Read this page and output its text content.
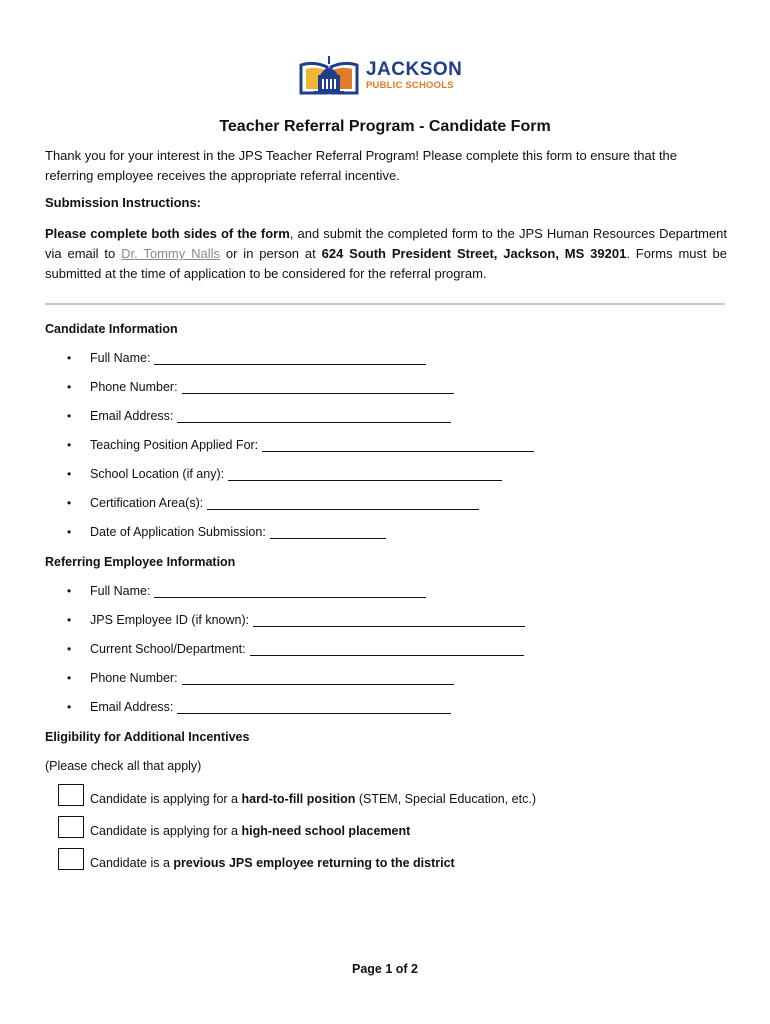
JACKSON
PUBLIC SCHOOLS
Teacher Referral Program - Candidate Form
Thank you for your interest in the JPS Teacher Referral Program! Please complete this form to ensure that the referring employee receives the appropriate referral incentive.
Submission Instructions:
Please complete both sides of the form, and submit the completed form to the JPS Human Resources Department via email to Dr. Tommy Nalls or in person at 624 South President Street, Jackson, MS 39201. Forms must be submitted at the time of application to be considered for the referral program.
Candidate Information
•	Full Name:
•	Phone Number:
•	Email Address:
•	Teaching Position Applied For:
•	School Location (if any):
•	Certification Area(s):
•	Date of Application Submission:
Referring Employee Information
•	Full Name:
•	JPS Employee ID (if known):
•	Current School/Department:
•	Phone Number:
•	Email Address:
Eligibility for Additional Incentives
(Please check all that apply)
Candidate is applying for a hard-to-fill position (STEM, Special Education, etc.)
Candidate is applying for a high-need school placement
Candidate is a previous JPS employee returning to the district
Page 1 of 2
